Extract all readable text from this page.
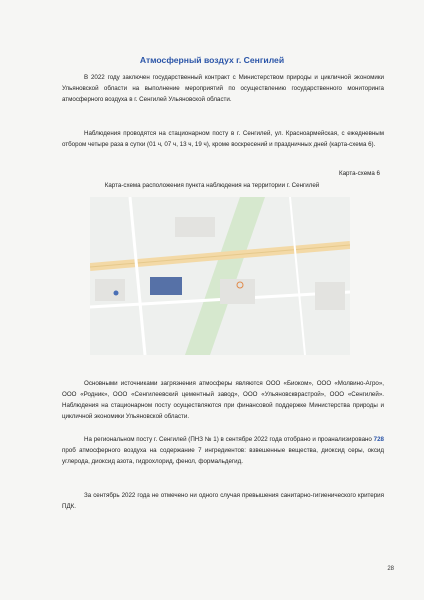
Атмосферный воздух г. Сенгилей
В 2022 году заключен государственный контракт с Министерством природы и цикличной экономики Ульяновской области на выполнение мероприятий по осуществлению государственного мониторинга атмосферного воздуха в г. Сенгилей Ульяновской области.
Наблюдения проводятся на стационарном посту в г. Сенгилей, ул. Красноармейская, с ежедневным отбором четыре раза в сутки (01 ч, 07 ч, 13 ч, 19 ч), кроме воскресений и праздничных дней (карта-схема 6).
Карта-схема 6
Карта-схема расположения пункта наблюдения на территории г. Сенгилей
Основными источниками загрязнения атмосферы являются ООО «Биоком», ООО «Молвино-Агро», ООО «Родник», ООО «Сенгилеевский цементный завод», ООО «Ульяновскврастрой», ООО «Сенгилей». Наблюдения на стационарном посту осуществляются при финансовой поддержке Министерства природы и цикличной экономики Ульяновской области.
На региональном посту г. Сенгилей (ПНЗ № 1) в сентябре 2022 года отобрано и проанализировано 728 проб атмосферного воздуха на содержание 7 ингредиентов: взвешенные вещества, диоксид серы, оксид углерода, диоксид азота, гидрохлорид, фенол, формальдегид.
За сентябрь 2022 года не отмечено ни одного случая превышения санитарно-гигиенического критерия ПДК.
28
